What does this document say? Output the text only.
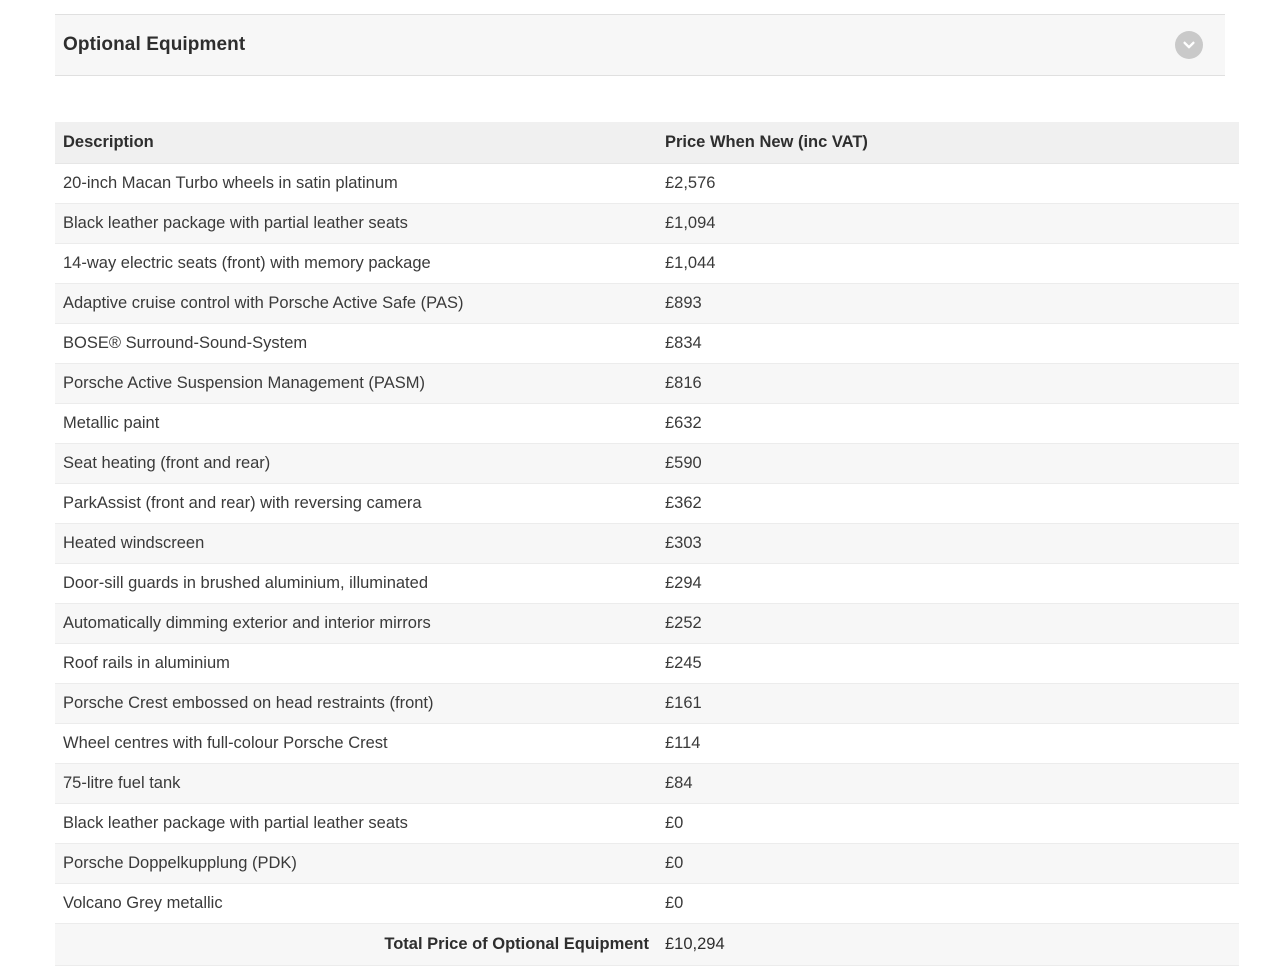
Optional Equipment
Description	Price When New (inc VAT)
20-inch Macan Turbo wheels in satin platinum	£2,576
Black leather package with partial leather seats	£1,094
14-way electric seats (front) with memory package	£1,044
Adaptive cruise control with Porsche Active Safe (PAS)	£893
BOSE® Surround-Sound-System	£834
Porsche Active Suspension Management (PASM)	£816
Metallic paint	£632
Seat heating (front and rear)	£590
ParkAssist (front and rear) with reversing camera	£362
Heated windscreen	£303
Door-sill guards in brushed aluminium, illuminated	£294
Automatically dimming exterior and interior mirrors	£252
Roof rails in aluminium	£245
Porsche Crest embossed on head restraints (front)	£161
Wheel centres with full-colour Porsche Crest	£114
75-litre fuel tank	£84
Black leather package with partial leather seats	£0
Porsche Doppelkupplung (PDK)	£0
Volcano Grey metallic	£0
Total Price of Optional Equipment	£10,294
